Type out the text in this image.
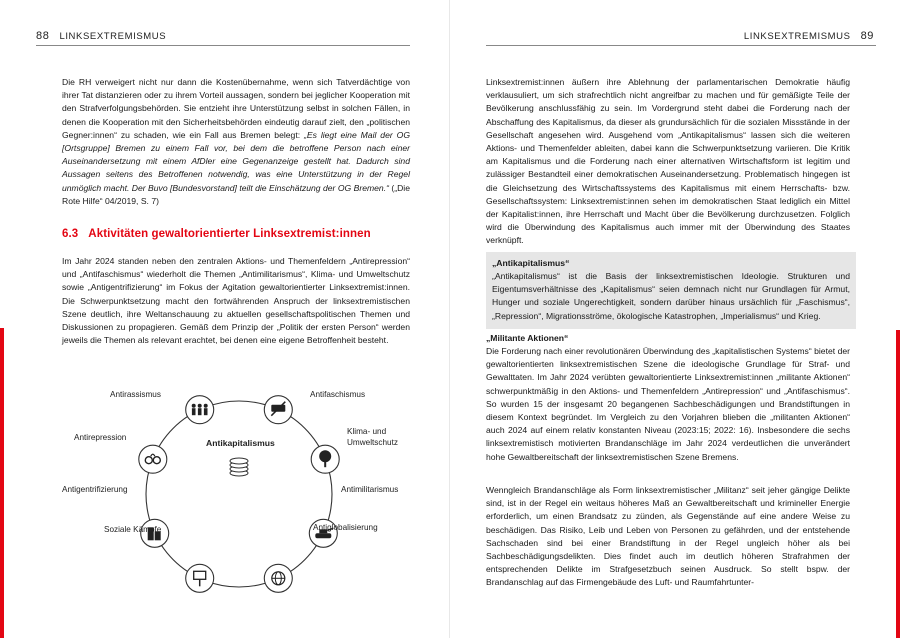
88 LINKSEXTREMISMUS

Die RH verweigert nicht nur dann die Kostenübernahme, wenn sich Tatverdächtige von ihrer Tat distanzieren oder zu ihrem Vorteil aussagen, sondern bei jeglicher Kooperation mit den Strafverfolgungsbehörden. Sie entzieht ihre Unterstützung selbst in solchen Fällen, in denen die Kooperation mit den Sicherheitsbehörden eindeutig darauf zielt, den „politischen Gegner:innen“ zu schaden, wie ein Fall aus Bremen belegt: „Es liegt eine Mail der OG [Ortsgruppe] Bremen zu einem Fall vor, bei dem die betroffene Person nach einer Auseinandersetzung mit einem AfDler eine Gegenanzeige gestellt hat. Dadurch sind Aussagen seitens des Betroffenen notwendig, was eine Unterstützung in der Regel unmöglich macht. Der Buvo [Bundesvorstand] teilt die Einschätzung der OG Bremen.“ („Die Rote Hilfe“ 04/2019, S. 7)

6.3 Aktivitäten gewaltorientierter Linksextremist:innen

Im Jahr 2024 standen neben den zentralen Aktions- und Themenfeldern „Antirepression“ und „Antifaschismus“ wiederholt die Themen „Antimilitarismus“, Klima- und Umweltschutz sowie „Antigentrifizierung“ im Fokus der Agitation gewaltorientierter Linksextremist:innen. Die Schwerpunktsetzung macht den fortwährenden Anspruch der linksextremistischen Szene deutlich, ihre Weltanschauung zu aktuellen gesellschaftspolitischen Themen und Diskussionen zu propagieren. Gemäß dem Prinzip der „Politik der ersten Person“ werden jeweils die Themen als relevant erachtet, bei denen eine eigene Betroffenheit besteht.

Antikapitalismus
Antirassismus	Antifaschismus
Klima- und Umweltschutz
Antimilitarismus
Antiglobalisierung
Soziale Kämpfe
Antigentrifizierung
Antirepression
LINKSEXTREMISMUS 89

Linksextremist:innen äußern ihre Ablehnung der parlamentarischen Demokratie häufig verklausuliert, um sich strafrechtlich nicht angreifbar zu machen und für gemäßigte Teile der Bevölkerung anschlussfähig zu sein. Im Vordergrund steht dabei die Forderung nach der Abschaffung des Kapitalismus, da dieser als grundursächlich für die sozialen Missstände in der Gesellschaft angesehen wird. Ausgehend vom „Antikapitalismus“ lassen sich die weiteren Aktions- und Themenfelder ableiten, dabei kann die Schwerpunktsetzung variieren. Die Kritik am Kapitalismus und die Forderung nach einer alternativen Wirtschaftsform ist legitim und zulässiger Bestandteil einer demokratischen Auseinandersetzung. Problematisch hingegen ist die Gleichsetzung des Wirtschaftssystems des Kapitalismus mit einem Herrschafts- bzw. Gesellschaftssystem: Linksextremist:innen sehen im demokratischen Staat lediglich ein Mittel der Kapitalist:innen, ihre Herrschaft und Macht über die Bevölkerung durchzusetzen. Folglich wird die Überwindung des Kapitalismus auch immer mit der Überwindung des Staates verknüpft.

„Antikapitalismus“

„Antikapitalismus“ ist die Basis der linksextremistischen Ideologie. Strukturen und Eigentumsverhältnisse des „Kapitalismus“ seien demnach nicht nur Grundlagen für Armut, Hunger und soziale Ungerechtigkeit, sondern darüber hinaus ursächlich für „Faschismus“, „Repression“, Migrationsströme, ökologische Katastrophen, „Imperialismus“ und Krieg.

„Militante Aktionen“

Die Forderung nach einer revolutionären Überwindung des „kapitalistischen Systems“ bietet der gewaltorientierten linksextremistischen Szene die ideologische Grundlage für Straf- und Gewalttaten. Im Jahr 2024 verübten gewaltorientierte Linksextremist:innen „militante Aktionen“ schwerpunktmäßig in den Aktions- und Themenfeldern „Antirepression“ und „Antifaschismus“. So wurden 15 der insgesamt 20 begangenen Sachbeschädigungen und Brandstiftungen in diesem Kontext begründet. Im Vergleich zu den Vorjahren blieben die „militanten Aktionen“ auch 2024 auf einem relativ konstanten Niveau (2023:15; 2022: 16). Insbesondere die sechs linksextremistisch motivierten Brandanschläge im Jahr 2024 verdeutlichen die unverändert hohe Gewaltbereitschaft der linksextremistischen Szene Bremens.

Wenngleich Brandanschläge als Form linksextremistischer „Militanz“ seit jeher gängige Delikte sind, ist in der Regel ein weitaus höheres Maß an Gewaltbereitschaft und krimineller Energie erforderlich, um einen Brandsatz zu zünden, als Gegenstände auf eine andere Weise zu beschädigen. Das Risiko, Leib und Leben von Personen zu gefährden, und der entstehende Sachschaden sind bei einer Brandstiftung in der Regel ungleich höher als bei Sachbeschädigungsdelikten. Dies findet auch im deutlich höheren Strafrahmen der entsprechenden Delikte im Strafgesetzbuch seinen Ausdruck. So stellt bspw. der Brandanschlag auf das Firmengebäude des Luft- und Raumfahrtunter-
